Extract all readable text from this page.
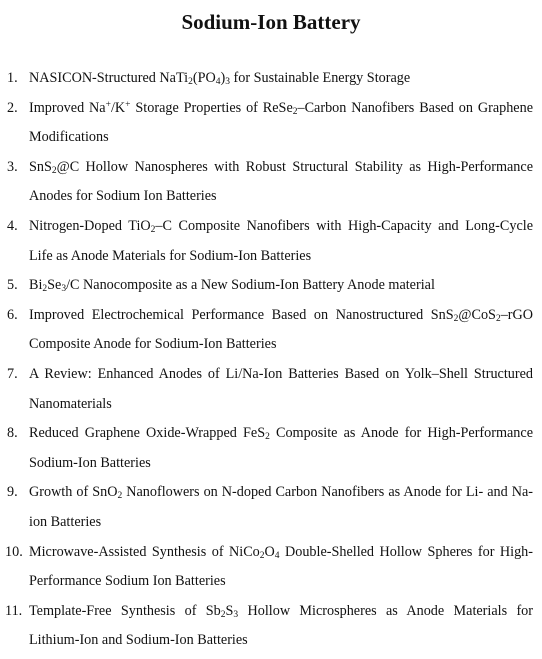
Sodium-Ion Battery
1. NASICON-Structured $NaTi_2(PO_4)_3$ for Sustainable Energy Storage
2. Improved Na+/K+ Storage Properties of ReSe$_2$–Carbon Nanofibers Based on Graphene Modifications
3. SnS$_2$@C Hollow Nanospheres with Robust Structural Stability as High-Performance Anodes for Sodium Ion Batteries
4. Nitrogen-Doped TiO$_2$–C Composite Nanofibers with High-Capacity and Long-Cycle Life as Anode Materials for Sodium-Ion Batteries
5. $Bi_2Se_3/C$ Nanocomposite as a New Sodium-Ion Battery Anode material
6. Improved Electrochemical Performance Based on Nanostructured SnS$_2$@CoS$_2$–rGO Composite Anode for Sodium-Ion Batteries
7. A Review: Enhanced Anodes of Li/Na-Ion Batteries Based on Yolk–Shell Structured Nanomaterials
8. Reduced Graphene Oxide-Wrapped FeS$_2$ Composite as Anode for High-Performance Sodium-Ion Batteries
9. Growth of SnO$_2$ Nanoflowers on N-doped Carbon Nanofibers as Anode for Li- and Na-ion Batteries
10. Microwave-Assisted Synthesis of $NiCo_2O_4$ Double-Shelled Hollow Spheres for High-Performance Sodium Ion Batteries
11. Template-Free Synthesis of $Sb_2S_3$ Hollow Microspheres as Anode Materials for Lithium-Ion and Sodium-Ion Batteries
